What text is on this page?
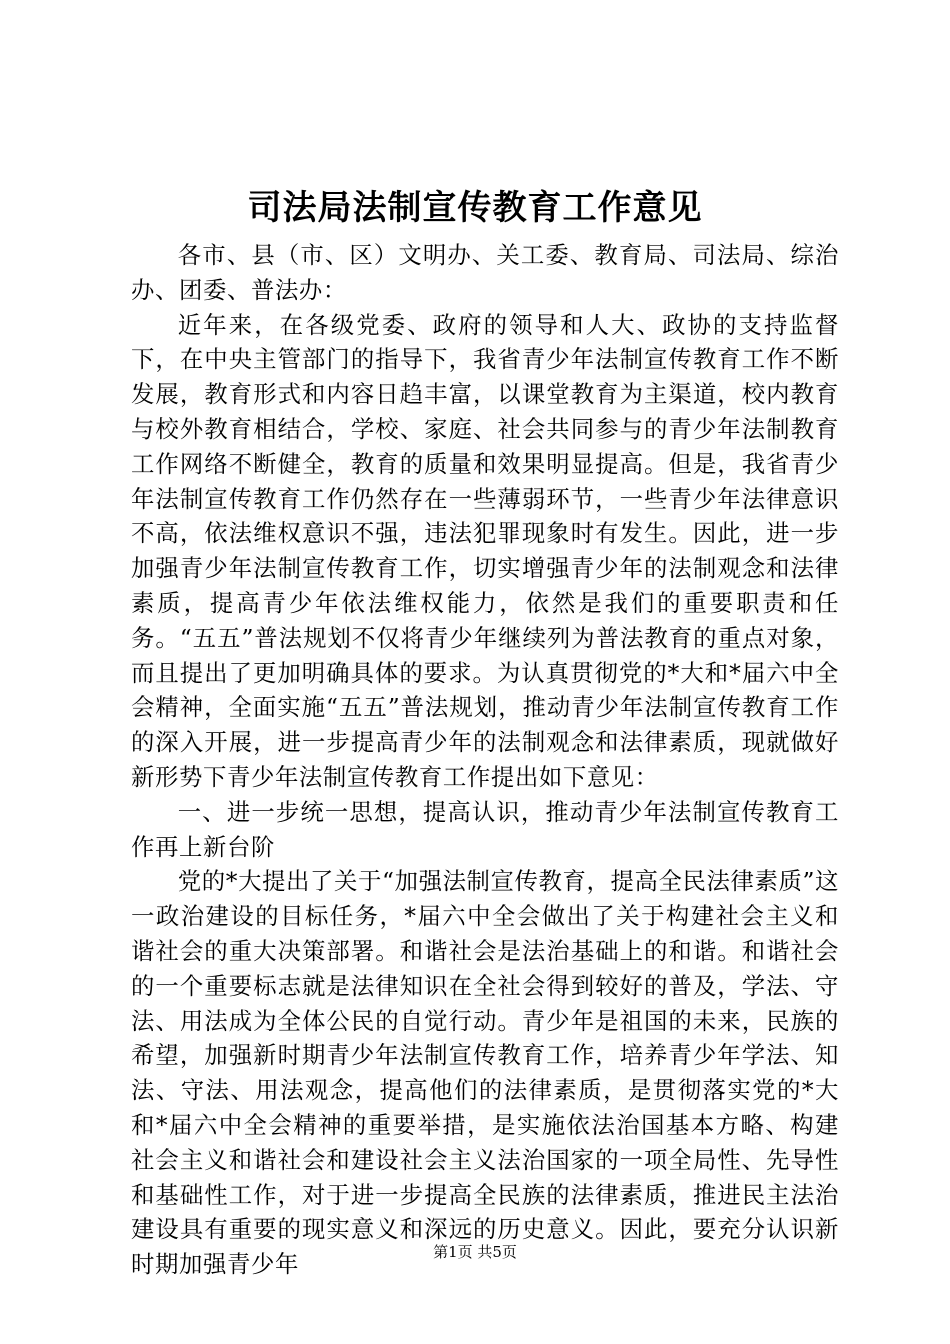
司法局法制宣传教育工作意见

各市、县（市、区）文明办、关工委、教育局、司法局、综治办、团委、普法办：

近年来，在各级党委、政府的领导和人大、政协的支持监督下，在中央主管部门的指导下，我省青少年法制宣传教育工作不断发展，教育形式和内容日趋丰富，以课堂教育为主渠道，校内教育与校外教育相结合，学校、家庭、社会共同参与的青少年法制教育工作网络不断健全，教育的质量和效果明显提高。但是，我省青少年法制宣传教育工作仍然存在一些薄弱环节，一些青少年法律意识不高，依法维权意识不强，违法犯罪现象时有发生。因此，进一步加强青少年法制宣传教育工作，切实增强青少年的法制观念和法律素质，提高青少年依法维权能力，依然是我们的重要职责和任务。“五五”普法规划不仅将青少年继续列为普法教育的重点对象，而且提出了更加明确具体的要求。为认真贯彻党的*大和*届六中全会精神，全面实施“五五”普法规划，推动青少年法制宣传教育工作的深入开展，进一步提高青少年的法制观念和法律素质，现就做好新形势下青少年法制宣传教育工作提出如下意见：

一、进一步统一思想，提高认识，推动青少年法制宣传教育工作再上新台阶

党的*大提出了关于“加强法制宣传教育，提高全民法律素质”这一政治建设的目标任务，*届六中全会做出了关于构建社会主义和谐社会的重大决策部署。和谐社会是法治基础上的和谐。和谐社会的一个重要标志就是法律知识在全社会得到较好的普及，学法、守法、用法成为全体公民的自觉行动。青少年是祖国的未来，民族的希望，加强新时期青少年法制宣传教育工作，培养青少年学法、知法、守法、用法观念，提高他们的法律素质，是贯彻落实党的*大和*届六中全会精神的重要举措，是实施依法治国基本方略、构建社会主义和谐社会和建设社会主义法治国家的一项全局性、先导性和基础性工作，对于进一步提高全民族的法律素质，推进民主法治建设具有重要的现实意义和深远的历史意义。因此，要充分认识新时期加强青少年	第1页 共5页
